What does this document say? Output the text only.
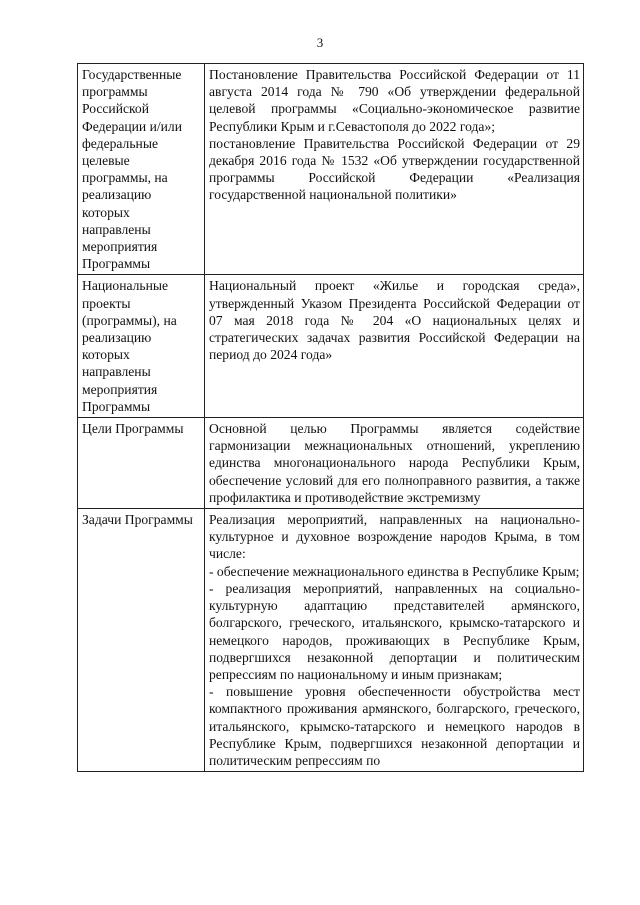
3
Государственные программы Российской Федерации и/или федеральные целевые программы, на реализацию которых направлены мероприятия Программы	Постановление Правительства Российской Федерации от 11 августа 2014 года № 790 «Об утверждении федеральной целевой программы «Социально-экономическое развитие Республики Крым и г.Севастополя до 2022 года»;

постановление Правительства Российской Федерации от 29 декабря 2016 года № 1532 «Об утверждении государственной программы Российской Федерации «Реализация государственной национальной политики»

Национальные проекты (программы), на реализацию которых направлены мероприятия Программы	Национальный проект «Жилье и городская среда», утвержденный Указом Президента Российской Федерации от 07 мая 2018 года № 204 «О национальных целях и стратегических задачах развития Российской Федерации на период до 2024 года»

Цели Программы	Основной целью Программы является содействие гармонизации межнациональных отношений, укреплению единства многонационального народа Республики Крым, обеспечение условий для его полноправного развития, а также профилактика и противодействие экстремизму

Задачи Программы	Реализация мероприятий, направленных на национально-культурное и духовное возрождение народов Крыма, в том числе:

- обеспечение межнационального единства в Республике Крым;

- реализация мероприятий, направленных на социально-культурную адаптацию представителей армянского, болгарского, греческого, итальянского, крымско-татарского и немецкого народов, проживающих в Республике Крым, подвергшихся незаконной депортации и политическим репрессиям по национальному и иным признакам;

- повышение уровня обеспеченности обустройства мест компактного проживания армянского, болгарского, греческого, итальянского, крымско-татарского и немецкого народов в Республике Крым, подвергшихся незаконной депортации и политическим репрессиям по
